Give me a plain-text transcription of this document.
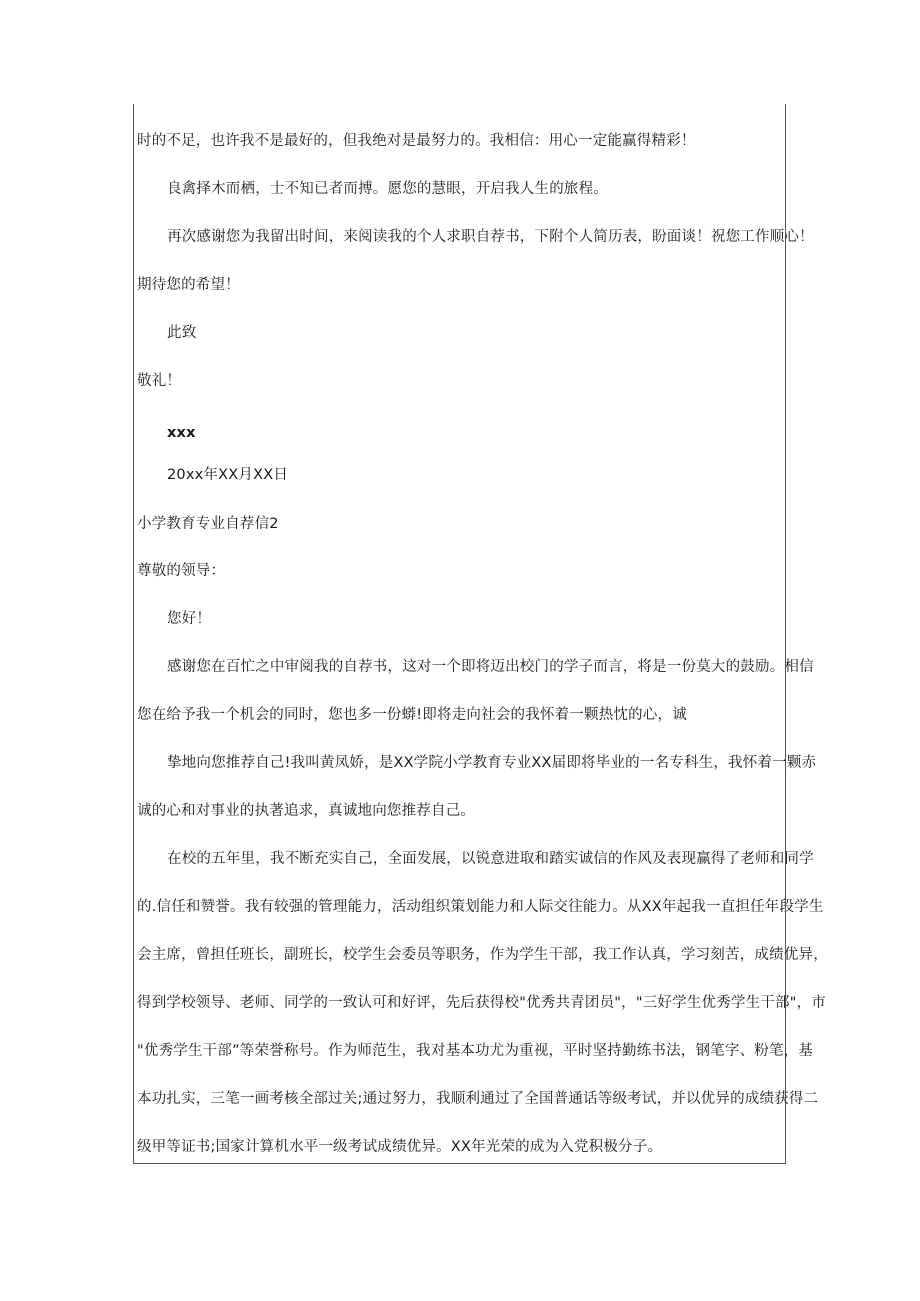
时的不足，也许我不是最好的，但我绝对是最努力的。我相信：用心一定能赢得精彩！
良禽择木而栖，士不知已者而搏。愿您的慧眼，开启我人生的旅程。
再次感谢您为我留出时间，来阅读我的个人求职自荐书，下附个人简历表，盼面谈！祝您工作顺心！
期待您的希望！
此致
敬礼！
xxx
20xx年XX月XX日
小学教育专业自荐信2
尊敬的领导：
您好！
感谢您在百忙之中审阅我的自荐书，这对一个即将迈出校门的学子而言，将是一份莫大的鼓励。相信
您在给予我一个机会的同时，您也多一份蟒!即将走向社会的我怀着一颗热忱的心，诚
挚地向您推荐自己!我叫黄凤娇，是XX学院小学教育专业XX届即将毕业的一名专科生，我怀着一颗赤
诚的心和对事业的执著追求，真诚地向您推荐自己。
在校的五年里，我不断充实自己，全面发展，以锐意进取和踏实诚信的作风及表现赢得了老师和同学
的.信任和赞誉。我有较强的管理能力，活动组织策划能力和人际交往能力。从XX年起我一直担任年段学生
会主席，曾担任班长，副班长，校学生会委员等职务，作为学生干部，我工作认真，学习刻苦，成绩优异，
得到学校领导、老师、同学的一致认可和好评，先后获得校"优秀共青团员"，"三好学生优秀学生干部"，市
"优秀学生干部”等荣誉称号。作为师范生，我对基本功尤为重视，平时坚持勤练书法，钢笔字、粉笔，基
本功扎实，三笔一画考核全部过关;通过努力，我顺利通过了全国普通话等级考试，并以优异的成绩获得二
级甲等证书;国家计算机水平一级考试成绩优异。XX年光荣的成为入党积极分子。
